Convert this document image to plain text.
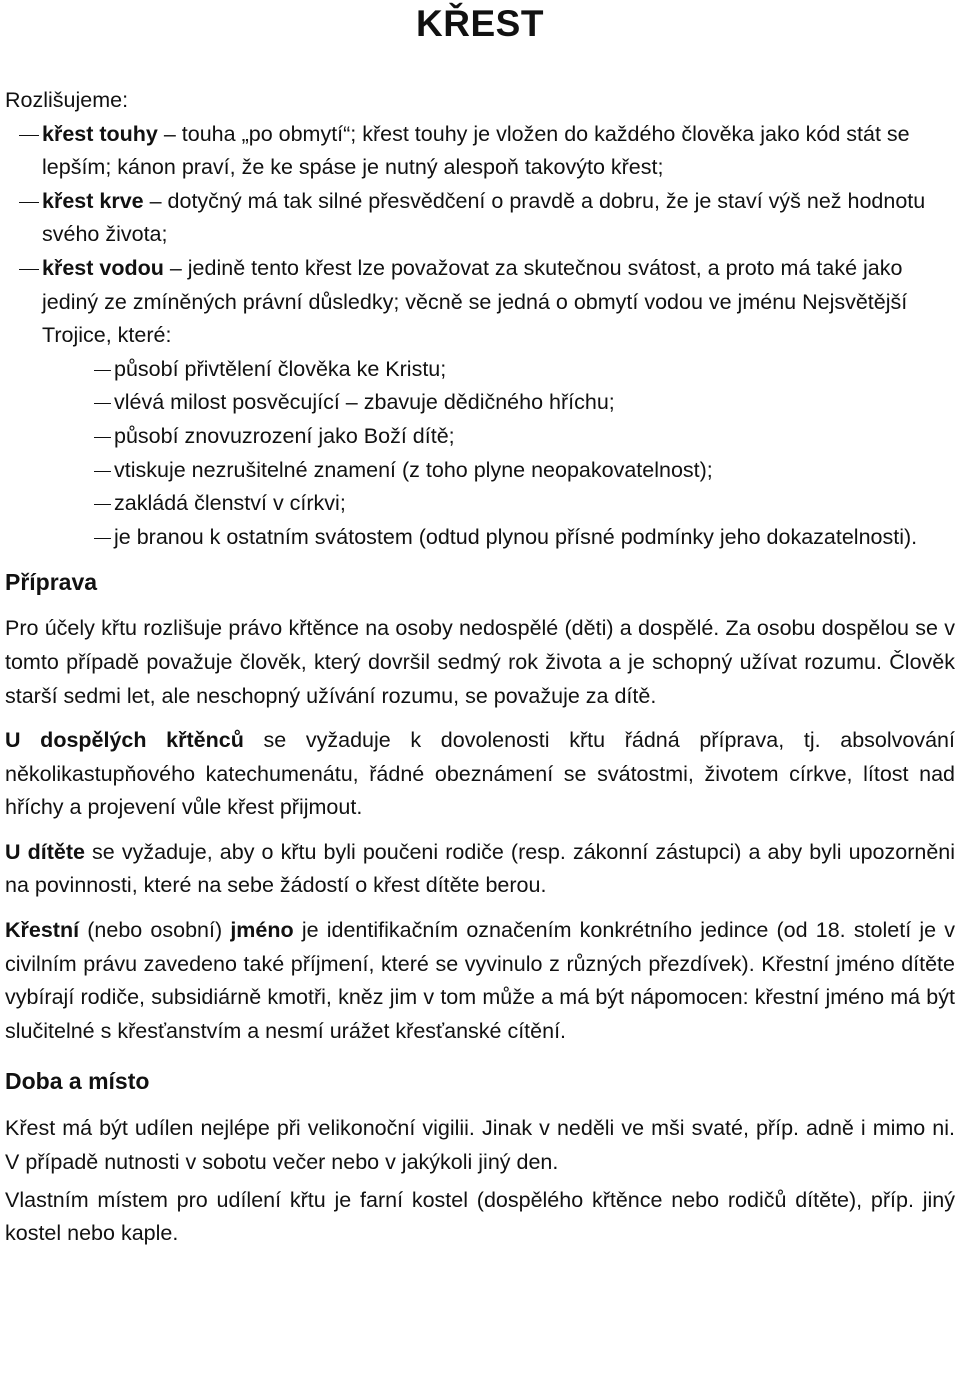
KŘEST

Rozlišujeme:

křest touhy – touha „po obmytí“; křest touhy je vložen do každého člověka jako kód stát se lepším; kánon praví, že ke spáse je nutný alespoň takovýto křest;
křest krve – dotyčný má tak silné přesvědčení o pravdě a dobru, že je staví výš než hodnotu svého života;
křest vodou – jedině tento křest lze považovat za skutečnou svátost, a proto má také jako jediný ze zmíněných právní důsledky; věcně se jedná o obmytí vodou ve jménu Nejsvětější Trojice, které:
působí přivtělení člověka ke Kristu;
vlévá milost posvěcující – zbavuje dědičného hříchu;
působí znovuzrození jako Boží dítě;
vtiskuje nezrušitelné znamení (z toho plyne neopakovatelnost);
zakládá členství v církvi;
je branou k ostatním svátostem (odtud plynou přísné podmínky jeho dokazatelnosti).
Příprava

Pro účely křtu rozlišuje právo křtěnce na osoby nedospělé (děti) a dospělé. Za osobu dospělou se v tomto případě považuje člověk, který dovršil sedmý rok života a je schopný užívat rozumu. Člověk starší sedmi let, ale neschopný užívání rozumu, se považuje za dítě.

U dospělých křtěnců se vyžaduje k dovolenosti křtu řádná příprava, tj. absolvování několikastupňového katechumenátu, řádné obeznámení se svátostmi, životem církve, lítost nad hříchy a projevení vůle křest přijmout.

U dítěte se vyžaduje, aby o křtu byli poučeni rodiče (resp. zákonní zástupci) a aby byli upozorněni na povinnosti, které na sebe žádostí o křest dítěte berou.

Křestní (nebo osobní) jméno je identifikačním označením konkrétního jedince (od 18. století je v civilním právu zavedeno také příjmení, které se vyvinulo z různých přezdívek). Křestní jméno dítěte vybírají rodiče, subsidiárně kmotři, kněz jim v tom může a má být nápomocen: křestní jméno má být slučitelné s křesťanstvím a nesmí urážet křesťanské cítění.

Doba a místo

Křest má být udílen nejlépe při velikonoční vigilii. Jinak v neděli ve mši svaté, příp. adně i mimo ni. V případě nutnosti v sobotu večer nebo v jakýkoli jiný den.

Vlastním místem pro udílení křtu je farní kostel (dospělého křtěnce nebo rodičů dítěte), příp. jiný kostel nebo kaple.
